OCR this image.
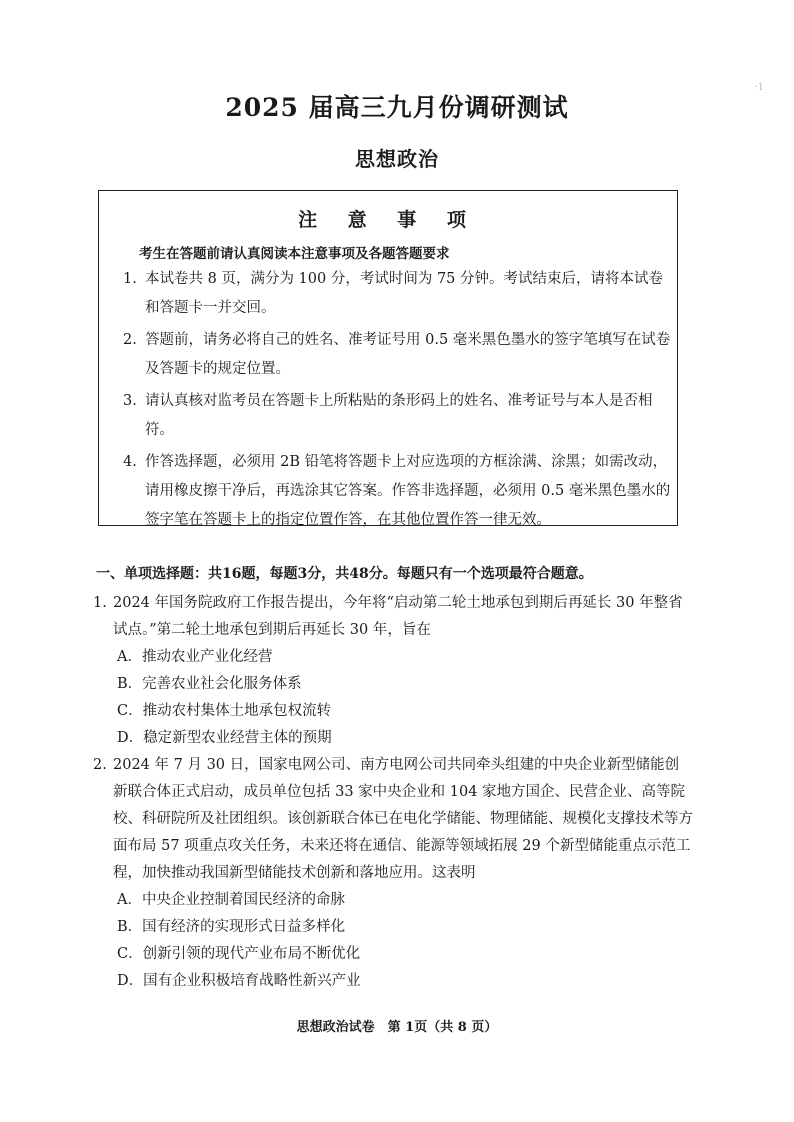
·1
2025 届高三九月份调研测试
思想政治
注 意 事 项
考生在答题前请认真阅读本注意事项及各题答题要求
1. 本试卷共 8 页，满分为 100 分，考试时间为 75 分钟。考试结束后，请将本试卷和答题卡一并交回。
2. 答题前，请务必将自己的姓名、准考证号用 0.5 毫米黑色墨水的签字笔填写在试卷及答题卡的规定位置。
3. 请认真核对监考员在答题卡上所粘贴的条形码上的姓名、准考证号与本人是否相符。
4. 作答选择题，必须用 2B 铅笔将答题卡上对应选项的方框涂满、涂黑；如需改动，请用橡皮擦干净后，再选涂其它答案。作答非选择题，必须用 0.5 毫米黑色墨水的签字笔在答题卡上的指定位置作答，在其他位置作答一律无效。
一、单项选择题：共16题，每题3分，共48分。每题只有一个选项最符合题意。
1. 2024 年国务院政府工作报告提出，今年将“启动第二轮土地承包到期后再延长 30 年整省试点。”第二轮土地承包到期后再延长 30 年，旨在
A．推动农业产业化经营
B．完善农业社会化服务体系
C．推动农村集体土地承包权流转
D．稳定新型农业经营主体的预期
2. 2024 年 7 月 30 日，国家电网公司、南方电网公司共同牵头组建的中央企业新型储能创新联合体正式启动，成员单位包括 33 家中央企业和 104 家地方国企、民营企业、高等院校、科研院所及社团组织。该创新联合体已在电化学储能、物理储能、规模化支撑技术等方面布局 57 项重点攻关任务，未来还将在通信、能源等领域拓展 29 个新型储能重点示范工程，加快推动我国新型储能技术创新和落地应用。这表明
A．中央企业控制着国民经济的命脉
B．国有经济的实现形式日益多样化
C．创新引领的现代产业布局不断优化
D．国有企业积极培育战略性新兴产业
思想政治试卷　第 1页（共 8 页）
